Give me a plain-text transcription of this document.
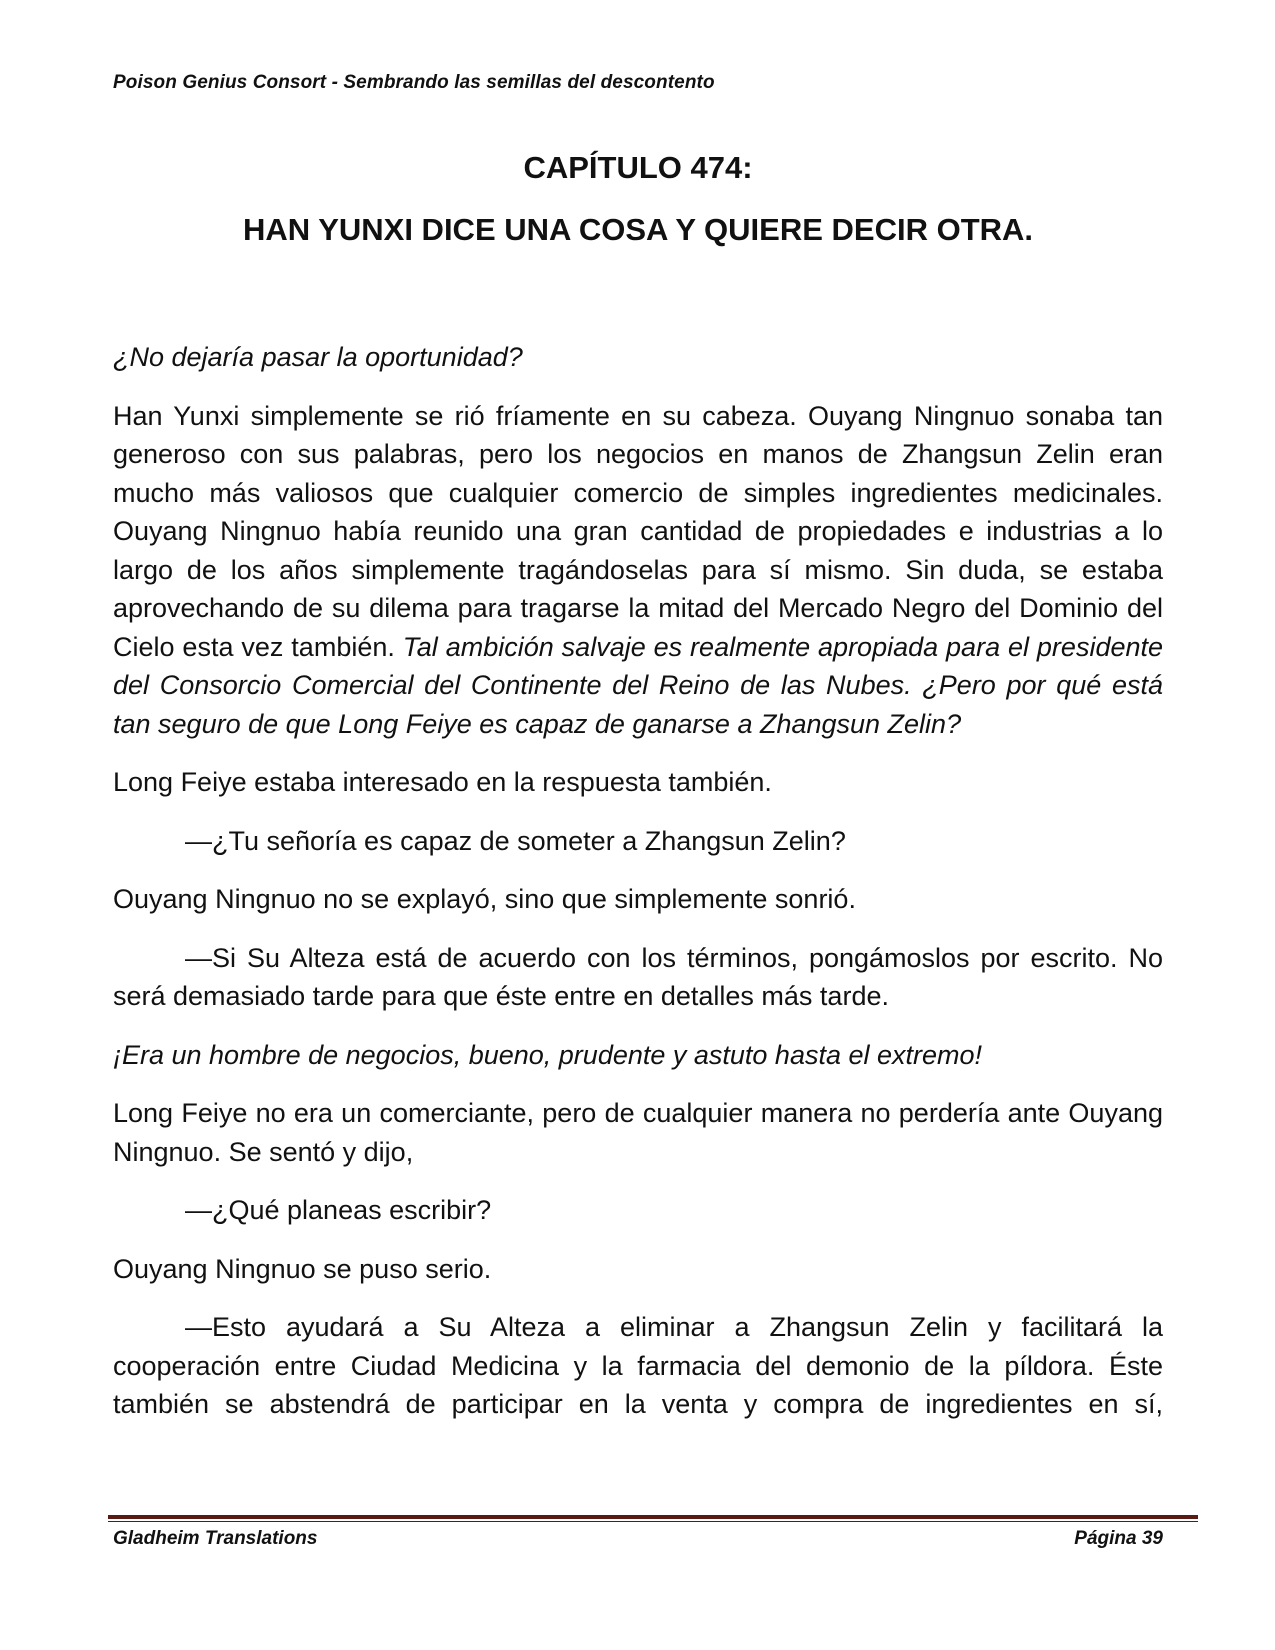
Poison Genius Consort - Sembrando las semillas del descontento
CAPÍTULO 474:
HAN YUNXI DICE UNA COSA Y QUIERE DECIR OTRA.

¿No dejaría pasar la oportunidad?

Han Yunxi simplemente se rió fríamente en su cabeza. Ouyang Ningnuo sonaba tan generoso con sus palabras, pero los negocios en manos de Zhangsun Zelin eran mucho más valiosos que cualquier comercio de simples ingredientes medicinales. Ouyang Ningnuo había reunido una gran cantidad de propiedades e industrias a lo largo de los años simplemente tragándoselas para sí mismo. Sin duda, se estaba aprovechando de su dilema para tragarse la mitad del Mercado Negro del Dominio del Cielo esta vez también. Tal ambición salvaje es realmente apropiada para el presidente del Consorcio Comercial del Continente del Reino de las Nubes. ¿Pero por qué está tan seguro de que Long Feiye es capaz de ganarse a Zhangsun Zelin?

Long Feiye estaba interesado en la respuesta también.

—¿Tu señoría es capaz de someter a Zhangsun Zelin?

Ouyang Ningnuo no se explayó, sino que simplemente sonrió.

—Si Su Alteza está de acuerdo con los términos, pongámoslos por escrito. No será demasiado tarde para que éste entre en detalles más tarde.

¡Era un hombre de negocios, bueno, prudente y astuto hasta el extremo!

Long Feiye no era un comerciante, pero de cualquier manera no perdería ante Ouyang Ningnuo. Se sentó y dijo,

—¿Qué planeas escribir?

Ouyang Ningnuo se puso serio.

—Esto ayudará a Su Alteza a eliminar a Zhangsun Zelin y facilitará la cooperación entre Ciudad Medicina y la farmacia del demonio de la píldora. Éste también se abstendrá de participar en la venta y compra de ingredientes en sí,

Gladheim Translations	Página 39
